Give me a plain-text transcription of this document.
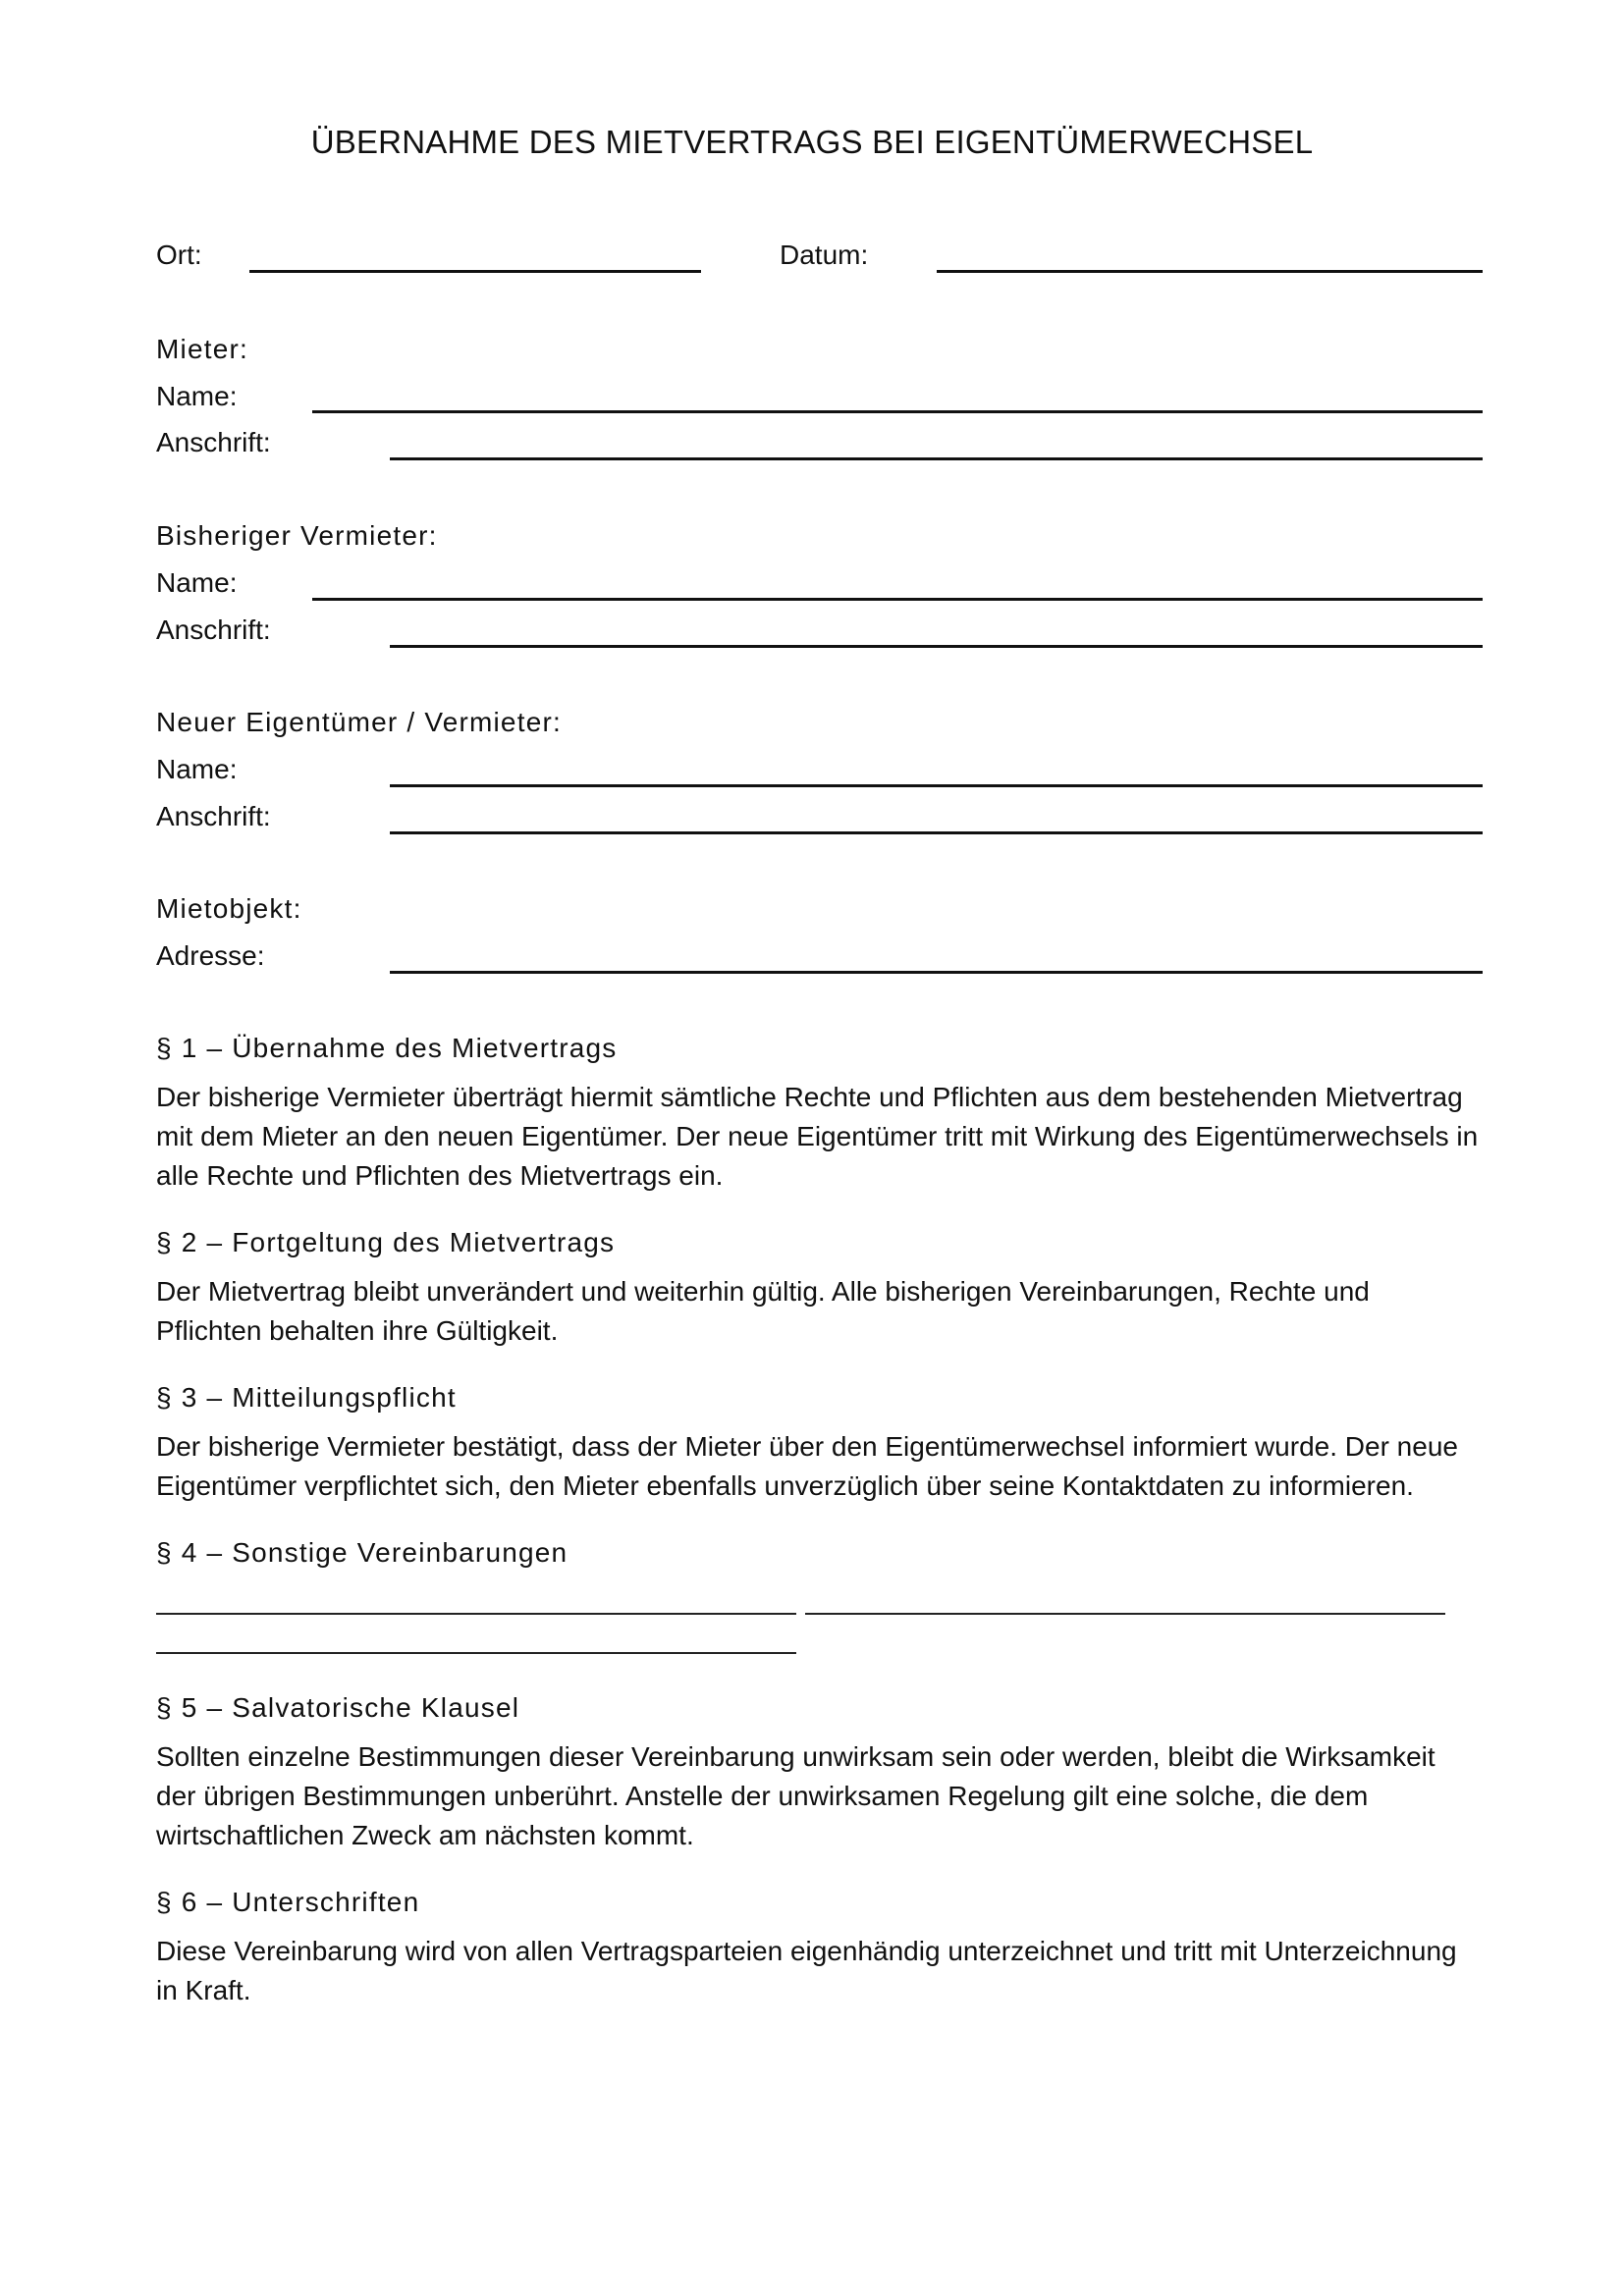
ÜBERNAHME DES MIETVERTRAGS BEI EIGENTÜMERWECHSEL
Ort:	Datum:
Mieter:
Name:
Anschrift:
Bisheriger Vermieter:
Name:
Anschrift:
Neuer Eigentümer / Vermieter:
Name:
Anschrift:
Mietobjekt:
Adresse:
§ 1 – Übernahme des Mietvertrags
Der bisherige Vermieter überträgt hiermit sämtliche Rechte und Pflichten aus dem bestehenden Mietvertrag
mit dem Mieter an den neuen Eigentümer. Der neue Eigentümer tritt mit Wirkung des Eigentümerwechsels in
alle Rechte und Pflichten des Mietvertrags ein.
§ 2 – Fortgeltung des Mietvertrags
Der Mietvertrag bleibt unverändert und weiterhin gültig. Alle bisherigen Vereinbarungen, Rechte und
Pflichten behalten ihre Gültigkeit.
§ 3 – Mitteilungspflicht
Der bisherige Vermieter bestätigt, dass der Mieter über den Eigentümerwechsel informiert wurde. Der neue
Eigentümer verpflichtet sich, den Mieter ebenfalls unverzüglich über seine Kontaktdaten zu informieren.
§ 4 – Sonstige Vereinbarungen
§ 5 – Salvatorische Klausel
Sollten einzelne Bestimmungen dieser Vereinbarung unwirksam sein oder werden, bleibt die Wirksamkeit
der übrigen Bestimmungen unberührt. Anstelle der unwirksamen Regelung gilt eine solche, die dem
wirtschaftlichen Zweck am nächsten kommt.
§ 6 – Unterschriften
Diese Vereinbarung wird von allen Vertragsparteien eigenhändig unterzeichnet und tritt mit Unterzeichnung
in Kraft.
